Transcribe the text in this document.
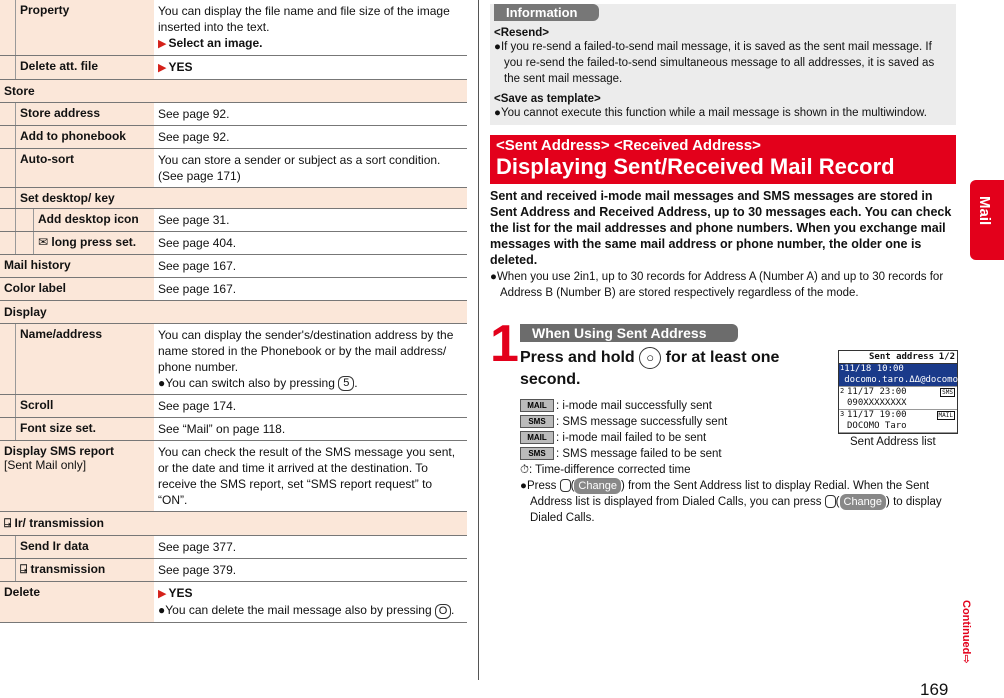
Property	You can display the file name and file size of the image inserted into the text.
▶ Select an image.
Delete att. file	▶ YES
Store
Store address	See page 92.
Add to phonebook	See page 92.
Auto-sort	You can store a sender or subject as a sort condition. (See page 171)
Set desktop/ key
Add desktop icon	See page 31.
✉ long press set.	See page 404.
Mail history	See page 167.
Color label	See page 167.
Display
Name/address	You can display the sender's/destination address by the name stored in the Phonebook or by the mail address/ phone number.
●You can switch also by pressing 5 .
Scroll	See page 174.
Font size set.	See “Mail” on page 118.
Display SMS report
[Sent Mail only]
You can check the result of the SMS message you sent, or the date and time it arrived at the destination. To receive the SMS report, set “SMS report request” to “ON”.
⍈ Ir/ transmission
Send Ir data	See page 377.
⍈ transmission	See page 379.
Delete	▶ YES
●You can delete the mail message also by pressing O .
Information
<Resend>
●If you re-send a failed-to-send mail message, it is saved as the sent mail message. If you re-send the failed-to-send simultaneous message to all addresses, it is saved as the sent mail message.
<Save as template>
●You cannot execute this function while a mail message is shown in the multiwindow.
<Sent Address> <Received Address>
Displaying Sent/Received Mail Record
Sent and received i-mode mail messages and SMS messages are stored in Sent Address and Received Address, up to 30 messages each. You can check the list for the mail addresses and phone numbers. When you exchange mail messages with the same mail address or phone number, the older one is deleted.
●When you use 2in1, up to 30 records for Address A (Number A) and up to 30 records for Address B (Number B) are stored respectively regardless of the mode.
1 When Using Sent Address
Press and hold ○ for at least one second.
MAIL : i-mode mail successfully sent
SMS : SMS message successfully sent
MAIL : i-mode mail failed to be sent
SMS : SMS message failed to be sent
⏱: Time-difference corrected time
●Press ( Change ) from the Sent Address list to display Redial. When the Sent Address list is displayed from Dialed Calls, you can press ( Change ) to display Dialed Calls.
Sent address 1/2
1 11/18 10:00
docomo.taro.ΔΔ@docomo.
MAIL
2 11/17 23:00
090XXXXXXXX
SMS
3 11/17 19:00
DOCOMO Taro
MAIL
Sent Address list
Mail
Continued⇨
169
